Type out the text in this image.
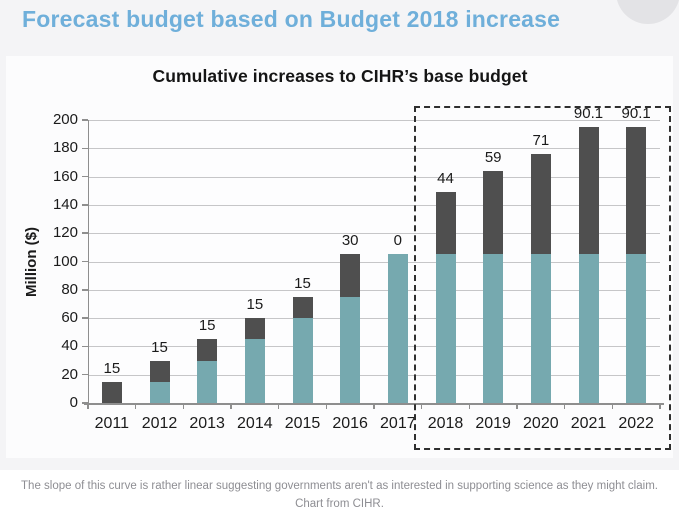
Forecast budget based on Budget 2018 increase
Cumulative increases to CIHR’s base budget
Million ($)
0
20
40
60
80
100
120
140
160
180
200
2011 2012 2013 2014 2015 2016 2017 2018 2019 2020 2021 2022
15
15
15
15
15
30	0
44
59
71
90.1	90.1
The slope of this curve is rather linear suggesting governments aren't as interested in supporting science as they might claim. Chart from CIHR.
